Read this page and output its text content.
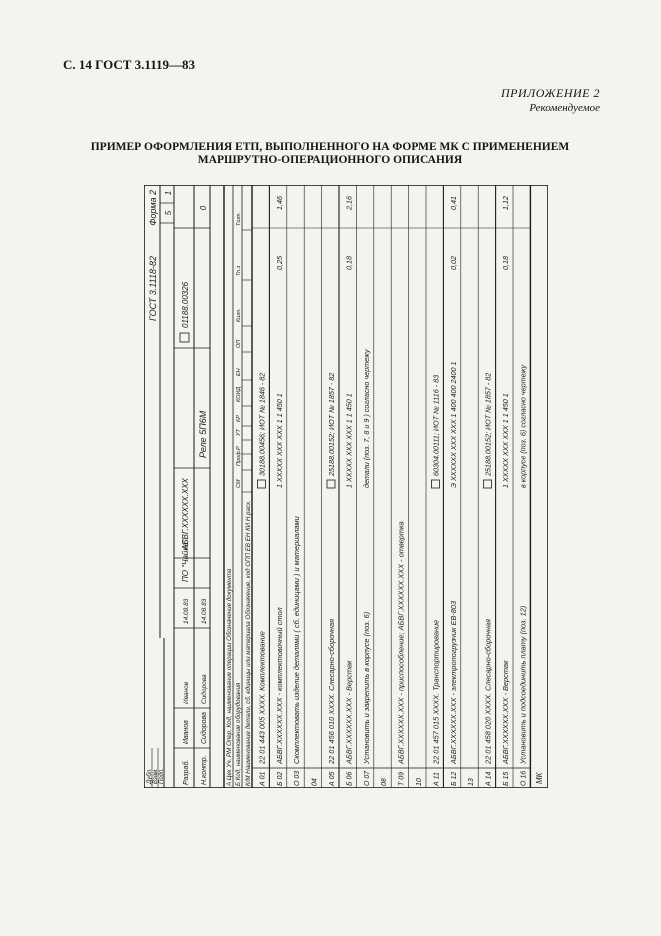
С. 14 ГОСТ 3.1119—83
ПРИЛОЖЕНИЕ 2
Рекомендуемое
ПРИМЕР ОФОРМЛЕНИЯ ЕТП, ВЫПОЛНЕННОГО НА ФОРМЕ МК С ПРИМЕНЕНИЕМ
МАРШРУТНО-ОПЕРАЦИОННОГО ОПИСАНИЯ
Дубл. Взам. Подп.
ГОСТ 3.1118-82
Форма 2 5
1
Разраб.
Иванов
Иванов
14.08.83
Н.контр.
Сидорова
Сидорова
14.08.83
ПО "Чайка"
АБВГ.XXXXXX.XXX
Реле 5П6М
01188.00326
0
А Цех Уч. РМ Опер. Код, наименование операции Обозначение документа Б Код, наименование оборудования К/М Наименование детали, сб. единицы или материала Обозначение, код ОПП ЕВ ЕН КИ Н.расх.
СМ
Проф.
Р
УТ
КР
КОИД
ЕН
ОП
Кшт.
Тп.з
Тшт.
А 01
22 01 443 005 XXXX. Комплектование
30188.00456; ИОТ № 1846 - 82
Б 02
АБВГ.XXXXXX.XXX - комплектовочный стол
1 XXXXX XXX XXX 1 1 450 1
0,25
1,46
О 03
Скомплектовать изделие деталями ( сб. единицами ) и материалами
04 А 05
22 01 456 010 XXXX. Слесарно-сборочная
25188.00152; ИОТ № 1857 - 82
Б 06
АБВГ.XXXXXX.XXX - Верстак
1 XXXXX XXX XXX 1 1 450 1
0,18
2,16
О 07
Установить и закрепить в корпусе (поз. 6)
детали (поз. 7, 8 и 9 ) согласно чертежу
08 Т 09
АБВГ.XXXXXX.XXX - приспособление; АБВГ.XXXXXX.XXX - отвертка
10 А 11
22 01 457 015 XXXX. Транспортирование
60304.00111; ИОТ № 1116 - 83
Б 12
АБВГ.XXXXXX.XXX - электропогрузчик ЕВ-803
Э XXXXXX XXX XXX 1 400 400 2400 1
0,02
0,41
13 А 14
22 01 458 020 XXXX. Слесарно-сборочная
25188.00152; ИОТ № 1857 - 82
Б 15
АБВГ.XXXXXX.XXX - Верстак
1 XXXXX XXX XXX 1 1 450 1
0,18
1,12
О 16
Установить и подсоединить плату (поз. 12)
в корпусе (поз. 6) согласно чертежу
МК
